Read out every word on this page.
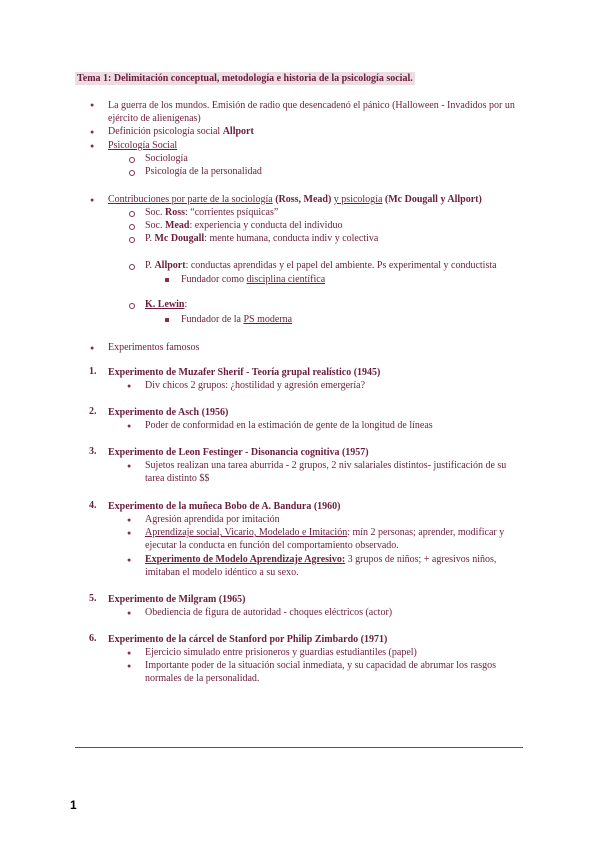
Tema 1: Delimitación conceptual, metodología e historia de la psicología social.
● La guerra de los mundos. Emisión de radio que desencadenó el pánico (Halloween - Invadidos por un ejército de alienígenas)
● Definición psicología social Allport
● Psicología Social
Sociología
Psicología de la personalidad
● Contribuciones por parte de la sociología (Ross, Mead) y psicología (Mc Dougall y Allport)
Soc. Ross: “corrientes psíquicas”
Soc. Mead: experiencia y conducta del individuo
P. Mc Dougall: mente humana, conducta indiv y colectiva
P. Allport: conductas aprendidas y el papel del ambiente. Ps experimental y conductista
Fundador como disciplina científica
K. Lewin:
Fundador de la PS moderna
● Experimentos famosos
1. Experimento de Muzafer Sherif - Teoría grupal realístico (1945)
● Div chicos 2 grupos: ¿hostilidad y agresión emergería?
2. Experimento de Asch (1956)
● Poder de conformidad en la estimación de gente de la longitud de líneas
3. Experimento de Leon Festinger - Disonancia cognitiva (1957)
● Sujetos realizan una tarea aburrida - 2 grupos, 2 niv salariales distintos- justificación de su tarea distinto $$
4. Experimento de la muñeca Bobo de A. Bandura (1960)
● Agresión aprendida por imitación
● Aprendizaje social, Vicario, Modelado e Imitación: mín 2 personas; aprender, modificar y ejecutar la conducta en función del comportamiento observado.
● Experimento de Modelo Aprendizaje Agresivo: 3 grupos de niños; + agresivos niños, imitaban el modelo idéntico a su sexo.
5. Experimento de Milgram (1965)
● Obediencia de figura de autoridad - choques eléctricos (actor)
6. Experimento de la cárcel de Stanford por Philip Zimbardo (1971)
● Ejercicio simulado entre prisioneros y guardias estudiantiles (papel)
● Importante poder de la situación social inmediata, y su capacidad de abrumar los rasgos normales de la personalidad.
1
